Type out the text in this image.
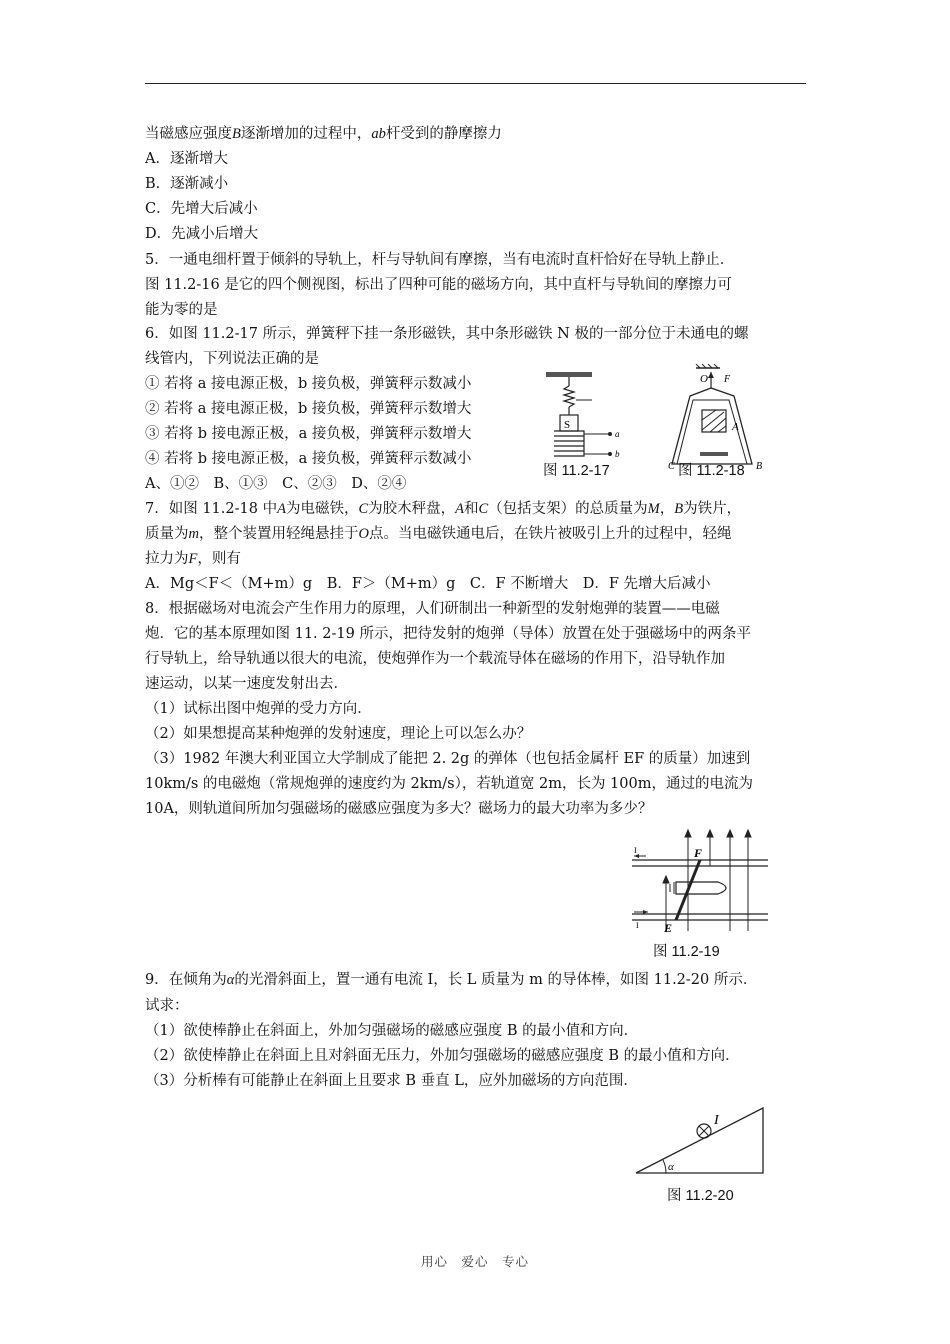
当磁感应强度B逐渐增加的过程中，ab杆受到的静摩擦力
A．逐渐增大
B．逐渐减小
C．先增大后减小
D．先减小后增大
5．一通电细杆置于倾斜的导轨上，杆与导轨间有摩擦，当有电流时直杆恰好在导轨上静止．
图 11.2-16 是它的四个侧视图，标出了四种可能的磁场方向，其中直杆与导轨间的摩擦力可
能为零的是
6．如图 11.2-17 所示，弹簧秤下挂一条形磁铁，其中条形磁铁 N 极的一部分位于未通电的螺
线管内，下列说法正确的是
① 若将 a 接电源正极，b 接负极，弹簧秤示数减小
② 若将 a 接电源正极，b 接负极，弹簧秤示数增大
③ 若将 b 接电源正极，a 接负极，弹簧秤示数增大
④ 若将 b 接电源正极，a 接负极，弹簧秤示数减小
A、①②　B、①③　C、②③　D、②④
S
a
b
图 11.2-17
O F
A
C	B
图 11.2-18
7．如图 11.2-18 中A为电磁铁，C为胶木秤盘，A和C（包括支架）的总质量为M，B为铁片，
质量为m，整个装置用轻绳悬挂于O点。当电磁铁通电后，在铁片被吸引上升的过程中，轻绳
拉力为F，则有
A．Mg＜F＜（M+m）g　B．F＞（M+m）g　C．F 不断增大　D．F 先增大后减小
8．根据磁场对电流会产生作用力的原理，人们研制出一种新型的发射炮弹的装置——电磁
炮．它的基本原理如图 11. 2-19 所示，把待发射的炮弹（导体）放置在处于强磁场中的两条平
行导轨上，给导轨通以很大的电流，使炮弹作为一个载流导体在磁场的作用下，沿导轨作加
速运动，以某一速度发射出去．
（1）试标出图中炮弹的受力方向．
（2）如果想提高某种炮弹的发射速度，理论上可以怎么办？
（3）1982 年澳大利亚国立大学制成了能把 2. 2g 的弹体（也包括金属杆 EF 的质量）加速到
10km/s 的电磁炮（常规炮弹的速度约为 2km/s），若轨道宽 2m，长为 100m，通过的电流为
10A，则轨道间所加匀强磁场的磁感应强度为多大？磁场力的最大功率为多少？
I
I
F
E
图 11.2-19
9．在倾角为α的光滑斜面上，置一通有电流 I，长 L 质量为 m 的导体棒，如图 11.2-20 所示．
试求：
（1）欲使棒静止在斜面上，外加匀强磁场的磁感应强度 B 的最小值和方向．
（2）欲使棒静止在斜面上且对斜面无压力，外加匀强磁场的磁感应强度 B 的最小值和方向．
（3）分析棒有可能静止在斜面上且要求 B 垂直 L，应外加磁场的方向范围．
α
I
图 11.2-20
用心　爱心　专心
